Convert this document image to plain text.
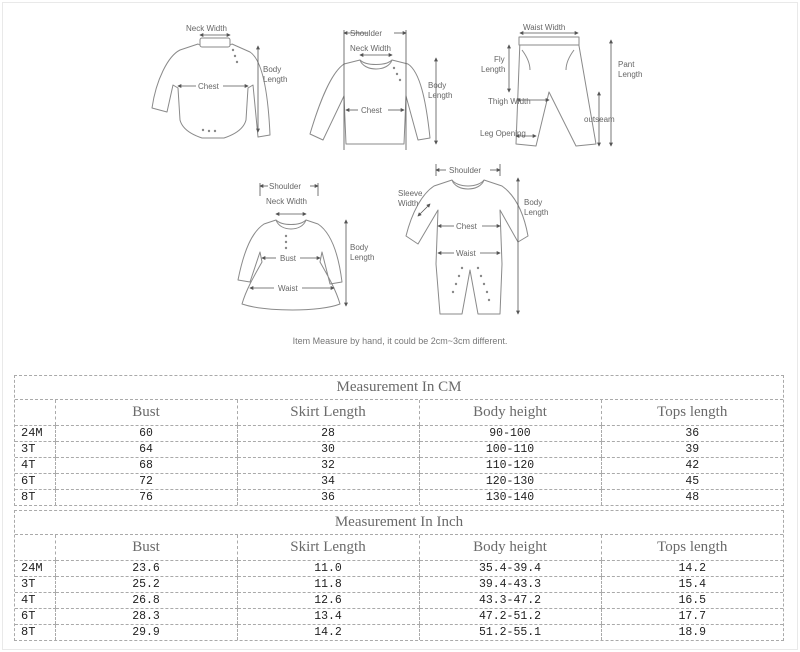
Neck Width
Chest
Body
Length
Shoulder
Neck Width
Chest
Body
Length
Waist Width
Fly
Length
Pant
Length
Thigh Width
outseam
Leg Opening
Shoulder
Neck Width
Bust
Waist
Body
Length
Shoulder
Sleeve
Width
Chest
Waist
Body
Length
Item Measure by hand, it could be 2cm~3cm different.
Measurement In CM
	Bust	Skirt Length	Body height	Tops length
24M	60	28	90-100	36
3T	64	30	100-110	39
4T	68	32	110-120	42
6T	72	34	120-130	45
8T	76	36	130-140	48
Measurement In Inch
	Bust	Skirt Length	Body height	Tops length
24M	23.6	11.0	35.4-39.4	14.2
3T	25.2	11.8	39.4-43.3	15.4
4T	26.8	12.6	43.3-47.2	16.5
6T	28.3	13.4	47.2-51.2	17.7
8T	29.9	14.2	51.2-55.1	18.9
